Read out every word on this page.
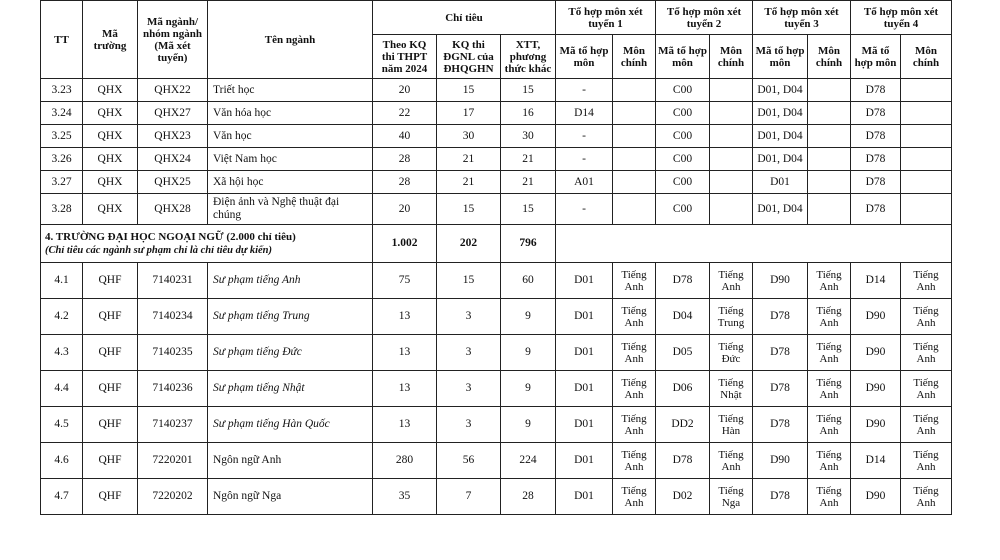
TT	Mã trường	Mã ngành/ nhóm ngành (Mã xét tuyển)	Tên ngành	Chỉ tiêu			Tổ hợp môn xét tuyển 1		Tổ hợp môn xét tuyển 2		Tổ hợp môn xét tuyển 3		Tổ hợp môn xét tuyển 4	
				Theo KQ thi THPT năm 2024	KQ thi ĐGNL của ĐHQGHN	XTT, phương thức khác	Mã tổ hợp môn	Môn chính	Mã tổ hợp môn	Môn chính	Mã tổ hợp môn	Môn chính	Mã tổ hợp môn	Môn chính
3.23	QHX	QHX22	Triết học	20	15	15	-		C00		D01, D04		D78	
3.24	QHX	QHX27	Văn hóa học	22	17	16	D14		C00		D01, D04		D78	
3.25	QHX	QHX23	Văn học	40	30	30	-		C00		D01, D04		D78	
3.26	QHX	QHX24	Việt Nam học	28	21	21	-		C00		D01, D04		D78	
3.27	QHX	QHX25	Xã hội học	28	21	21	A01		C00		D01		D78	
3.28	QHX	QHX28	Điện ảnh và Nghệ thuật đại chúng	20	15	15	-		C00		D01, D04		D78	
4. TRƯỜNG ĐẠI HỌC NGOẠI NGỮ (2.000 chỉ tiêu)
(Chỉ tiêu các ngành sư phạm chỉ là chỉ tiêu dự kiến)				1.002	202	796								
4.1	QHF	7140231	Sư phạm tiếng Anh	75	15	60	D01	Tiếng Anh	D78	Tiếng Anh	D90	Tiếng Anh	D14	Tiếng Anh
4.2	QHF	7140234	Sư phạm tiếng Trung	13	3	9	D01	Tiếng Anh	D04	Tiếng Trung	D78	Tiếng Anh	D90	Tiếng Anh
4.3	QHF	7140235	Sư phạm tiếng Đức	13	3	9	D01	Tiếng Anh	D05	Tiếng Đức	D78	Tiếng Anh	D90	Tiếng Anh
4.4	QHF	7140236	Sư phạm tiếng Nhật	13	3	9	D01	Tiếng Anh	D06	Tiếng Nhật	D78	Tiếng Anh	D90	Tiếng Anh
4.5	QHF	7140237	Sư phạm tiếng Hàn Quốc	13	3	9	D01	Tiếng Anh	DD2	Tiếng Hàn	D78	Tiếng Anh	D90	Tiếng Anh
4.6	QHF	7220201	Ngôn ngữ Anh	280	56	224	D01	Tiếng Anh	D78	Tiếng Anh	D90	Tiếng Anh	D14	Tiếng Anh
4.7	QHF	7220202	Ngôn ngữ Nga	35	7	28	D01	Tiếng Anh	D02	Tiếng Nga	D78	Tiếng Anh	D90	Tiếng Anh
